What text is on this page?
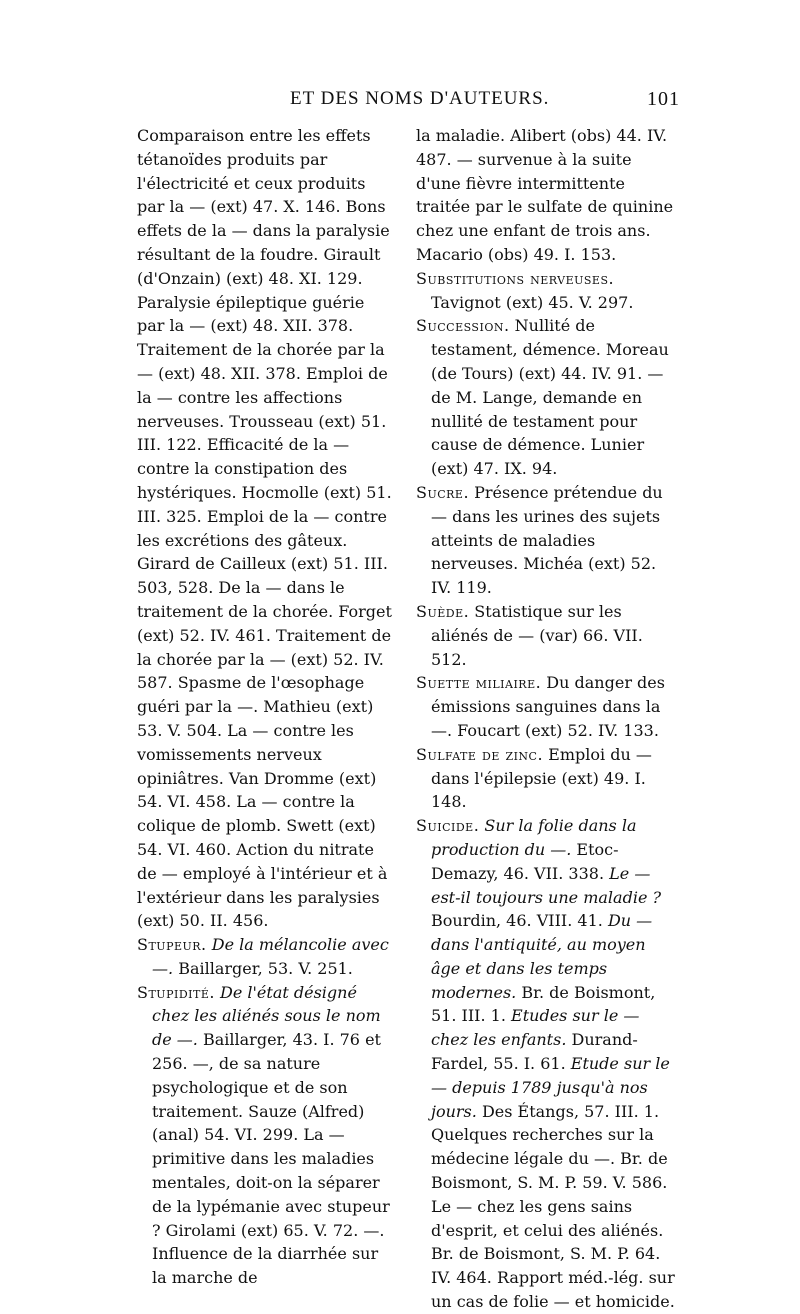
ET DES NOMS D'AUTEURS.	101

Comparaison entre les effets tétanoïdes produits par l'électricité et ceux produits par la — (ext) 47. X. 146. Bons effets de la — dans la paralysie résultant de la foudre. Girault (d'Onzain) (ext) 48. XI. 129. Paralysie épileptique guérie par la — (ext) 48. XII. 378. Traitement de la chorée par la — (ext) 48. XII. 378. Emploi de la — contre les affections nerveuses. Trousseau (ext) 51. III. 122. Efficacité de la — contre la constipation des hystériques. Hocmolle (ext) 51. III. 325. Emploi de la — contre les excrétions des gâteux. Girard de Cailleux (ext) 51. III. 503, 528. De la — dans le traitement de la chorée. Forget (ext) 52. IV. 461. Traitement de la chorée par la — (ext) 52. IV. 587. Spasme de l'œsophage guéri par la —. Mathieu (ext) 53. V. 504. La — contre les vomissements nerveux opiniâtres. Van Dromme (ext) 54. VI. 458. La — contre la colique de plomb. Swett (ext) 54. VI. 460. Action du nitrate de — employé à l'intérieur et à l'extérieur dans les paralysies (ext) 50. II. 456.

Stupeur. De la mélancolie avec —. Baillarger, 53. V. 251.

Stupidité. De l'état désigné chez les aliénés sous le nom de —. Baillarger, 43. I. 76 et 256. —, de sa nature psychologique et de son traitement. Sauze (Alfred) (anal) 54. VI. 299. La — primitive dans les maladies mentales, doit-on la séparer de la lypémanie avec stupeur ? Girolami (ext) 65. V. 72. —. Influence de la diarrhée sur la marche de

la maladie. Alibert (obs) 44. IV. 487. — survenue à la suite d'une fièvre intermittente traitée par le sulfate de quinine chez une enfant de trois ans. Macario (obs) 49. I. 153.

Substitutions nerveuses. Tavignot (ext) 45. V. 297.

Succession. Nullité de testament, démence. Moreau (de Tours) (ext) 44. IV. 91. — de M. Lange, demande en nullité de testament pour cause de démence. Lunier (ext) 47. IX. 94.

Sucre. Présence prétendue du — dans les urines des sujets atteints de maladies nerveuses. Michéa (ext) 52. IV. 119.

Suède. Statistique sur les aliénés de — (var) 66. VII. 512.

Suette miliaire. Du danger des émissions sanguines dans la —. Foucart (ext) 52. IV. 133.

Sulfate de zinc. Emploi du — dans l'épilepsie (ext) 49. I. 148.

Suicide. Sur la folie dans la production du —. Etoc-Demazy, 46. VII. 338. Le — est-il toujours une maladie ? Bourdin, 46. VIII. 41. Du — dans l'antiquité, au moyen âge et dans les temps modernes. Br. de Boismont, 51. III. 1. Etudes sur le — chez les enfants. Durand-Fardel, 55. I. 61. Etude sur le — depuis 1789 jusqu'à nos jours. Des Étangs, 57. III. 1. Quelques recherches sur la médecine légale du —. Br. de Boismont, S. M. P. 59. V. 586. Le — chez les gens sains d'esprit, et celui des aliénés. Br. de Boismont, S. M. P. 64. IV. 464. Rapport méd.-lég. sur un cas de folie — et homicide.
